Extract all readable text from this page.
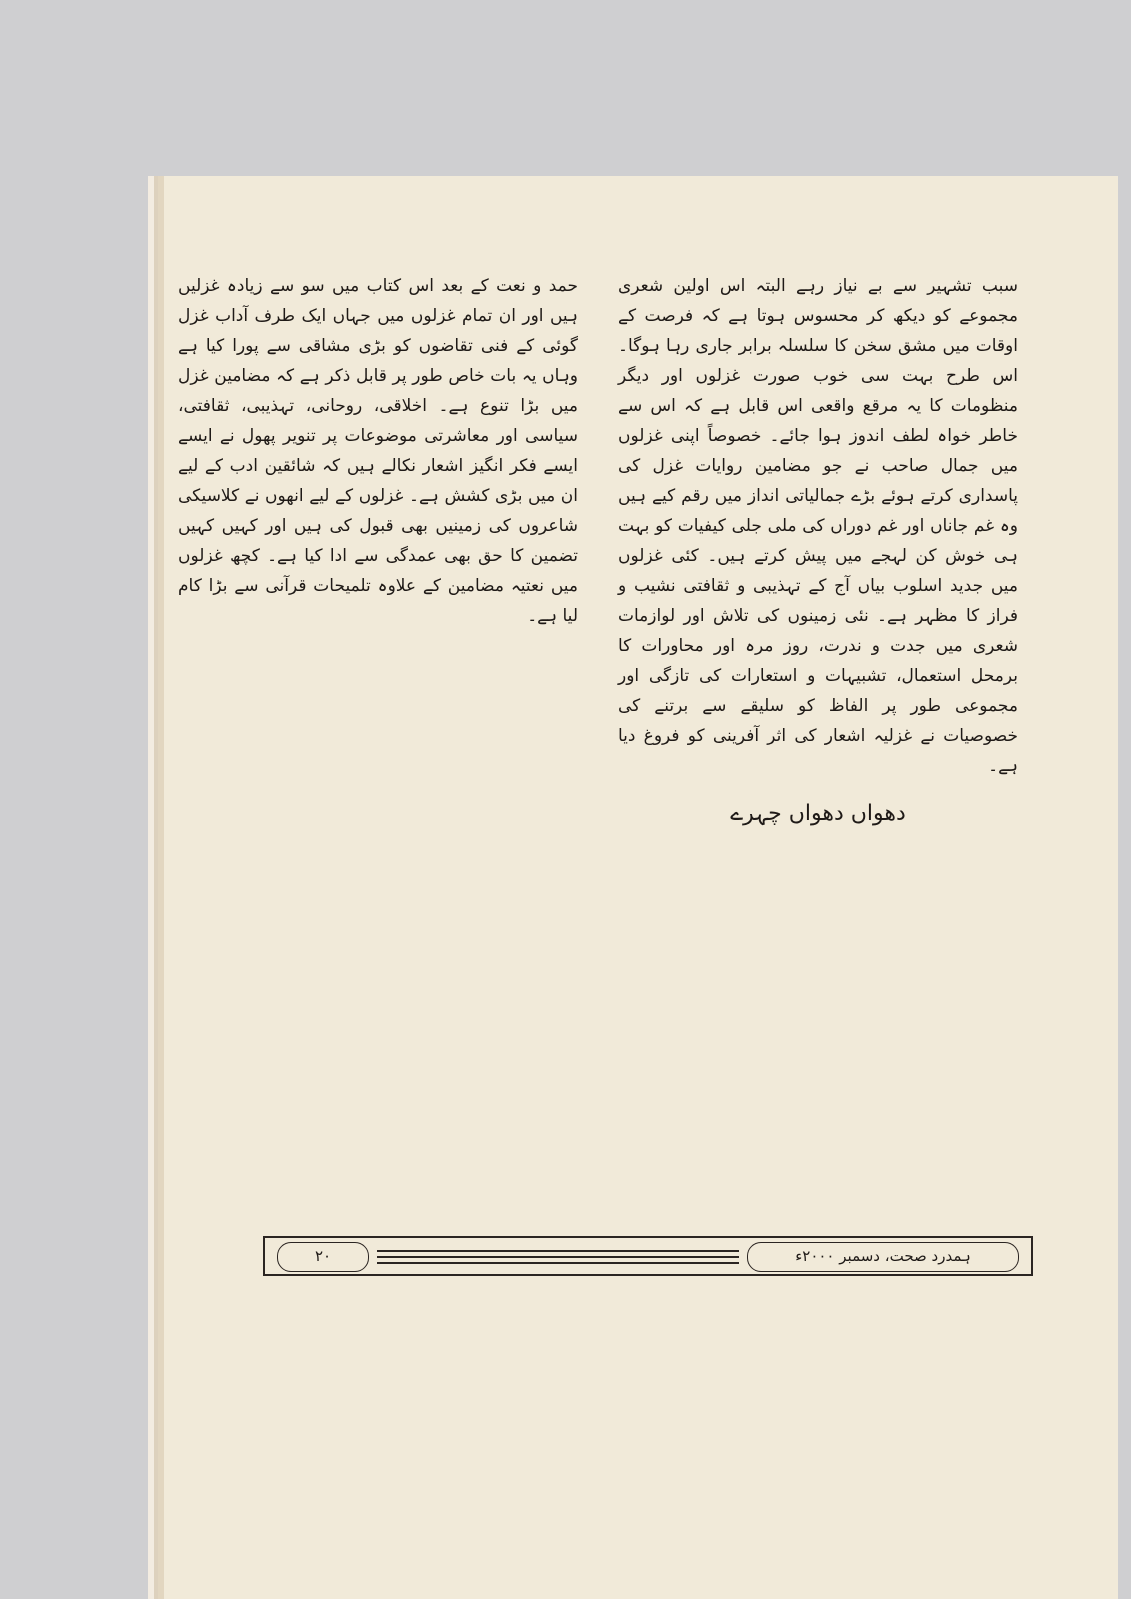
سبب تشہیر سے بے نیاز رہے البتہ اس اولین شعری مجموعے کو دیکھ کر محسوس ہوتا ہے کہ فرصت کے اوقات میں مشق سخن کا سلسلہ برابر جاری رہا ہوگا۔ اس طرح بہت سی خوب صورت غزلوں اور دیگر منظومات کا یہ مرقع واقعی اس قابل ہے کہ اس سے خاطر خواہ لطف اندوز ہوا جائے۔ خصوصاً اپنی غزلوں میں جمال صاحب نے جو مضامین روایات غزل کی پاسداری کرتے ہوئے بڑے جمالیاتی انداز میں رقم کیے ہیں وہ غم جاناں اور غم دوراں کی ملی جلی کیفیات کو بہت ہی خوش کن لہجے میں پیش کرتے ہیں۔ کئی غزلوں میں جدید اسلوب بیاں آج کے تہذیبی و ثقافتی نشیب و فراز کا مظہر ہے۔ نئی زمینوں کی تلاش اور لوازمات شعری میں جدت و ندرت، روز مرہ اور محاورات کا برمحل استعمال، تشبیہات و استعارات کی تازگی اور مجموعی طور پر الفاظ کو سلیقے سے برتنے کی خصوصیات نے غزلیہ اشعار کی اثر آفرینی کو فروغ دیا ہے۔

دھواں دھواں چہرے

حمد و نعت کے بعد اس کتاب میں سو سے زیادہ غزلیں ہیں اور ان تمام غزلوں میں جہاں ایک طرف آداب غزل گوئی کے فنی تقاضوں کو بڑی مشاقی سے پورا کیا ہے وہاں یہ بات خاص طور پر قابل ذکر ہے کہ مضامین غزل میں بڑا تنوع ہے۔ اخلاقی، روحانی، تہذیبی، ثقافتی، سیاسی اور معاشرتی موضوعات پر تنویر پھول نے ایسے ایسے فکر انگیز اشعار نکالے ہیں کہ شائقین ادب کے لیے ان میں بڑی کشش ہے۔ غزلوں کے لیے انھوں نے کلاسیکی شاعروں کی زمینیں بھی قبول کی ہیں اور کہیں کہیں تضمین کا حق بھی عمدگی سے ادا کیا ہے۔ کچھ غزلوں میں نعتیہ مضامین کے علاوہ تلمیحات قرآنی سے بڑا کام لیا ہے۔

ہمدرد صحت، دسمبر ۲۰۰۰ء
۲۰
